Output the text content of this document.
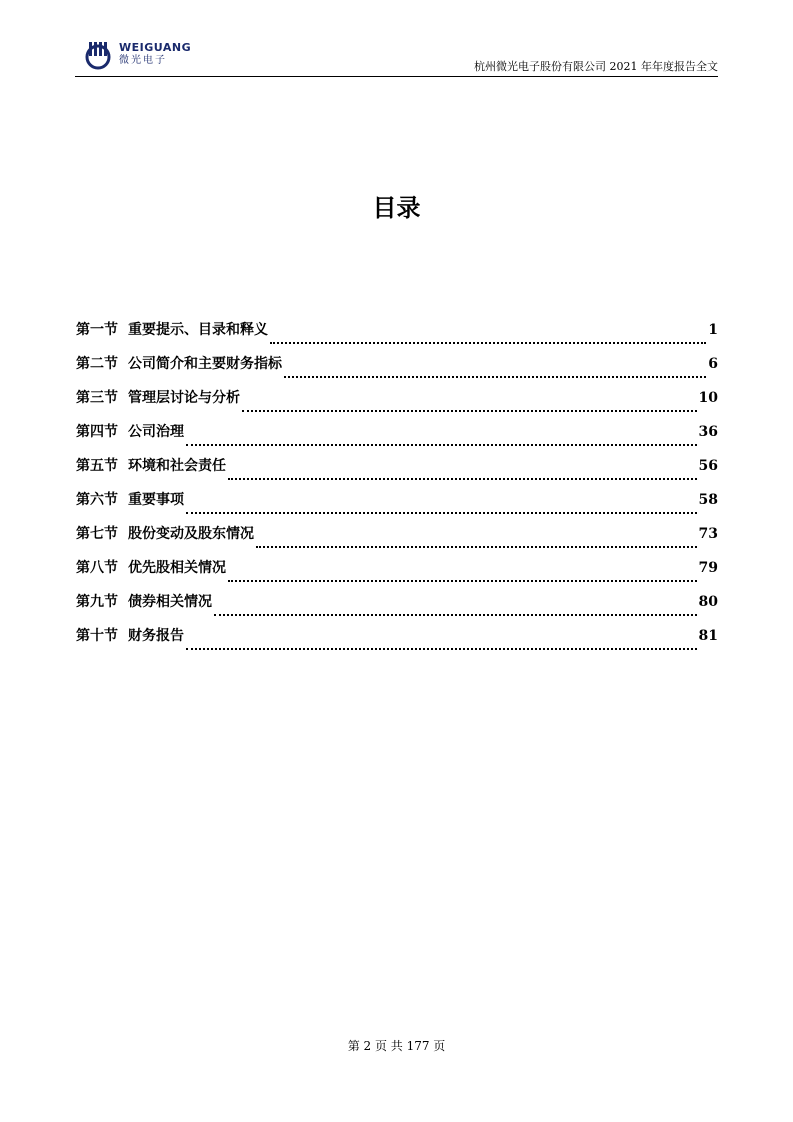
WEIGUANG
微光电子	杭州微光电子股份有限公司 2021 年年度报告全文
目录
第一节 重要提示、目录和释义	1
第二节 公司简介和主要财务指标	6
第三节 管理层讨论与分析	10
第四节 公司治理	36
第五节 环境和社会责任	56
第六节 重要事项	58
第七节 股份变动及股东情况	73
第八节 优先股相关情况	79
第九节 债券相关情况	80
第十节 财务报告	81
第 2 页 共 177 页
